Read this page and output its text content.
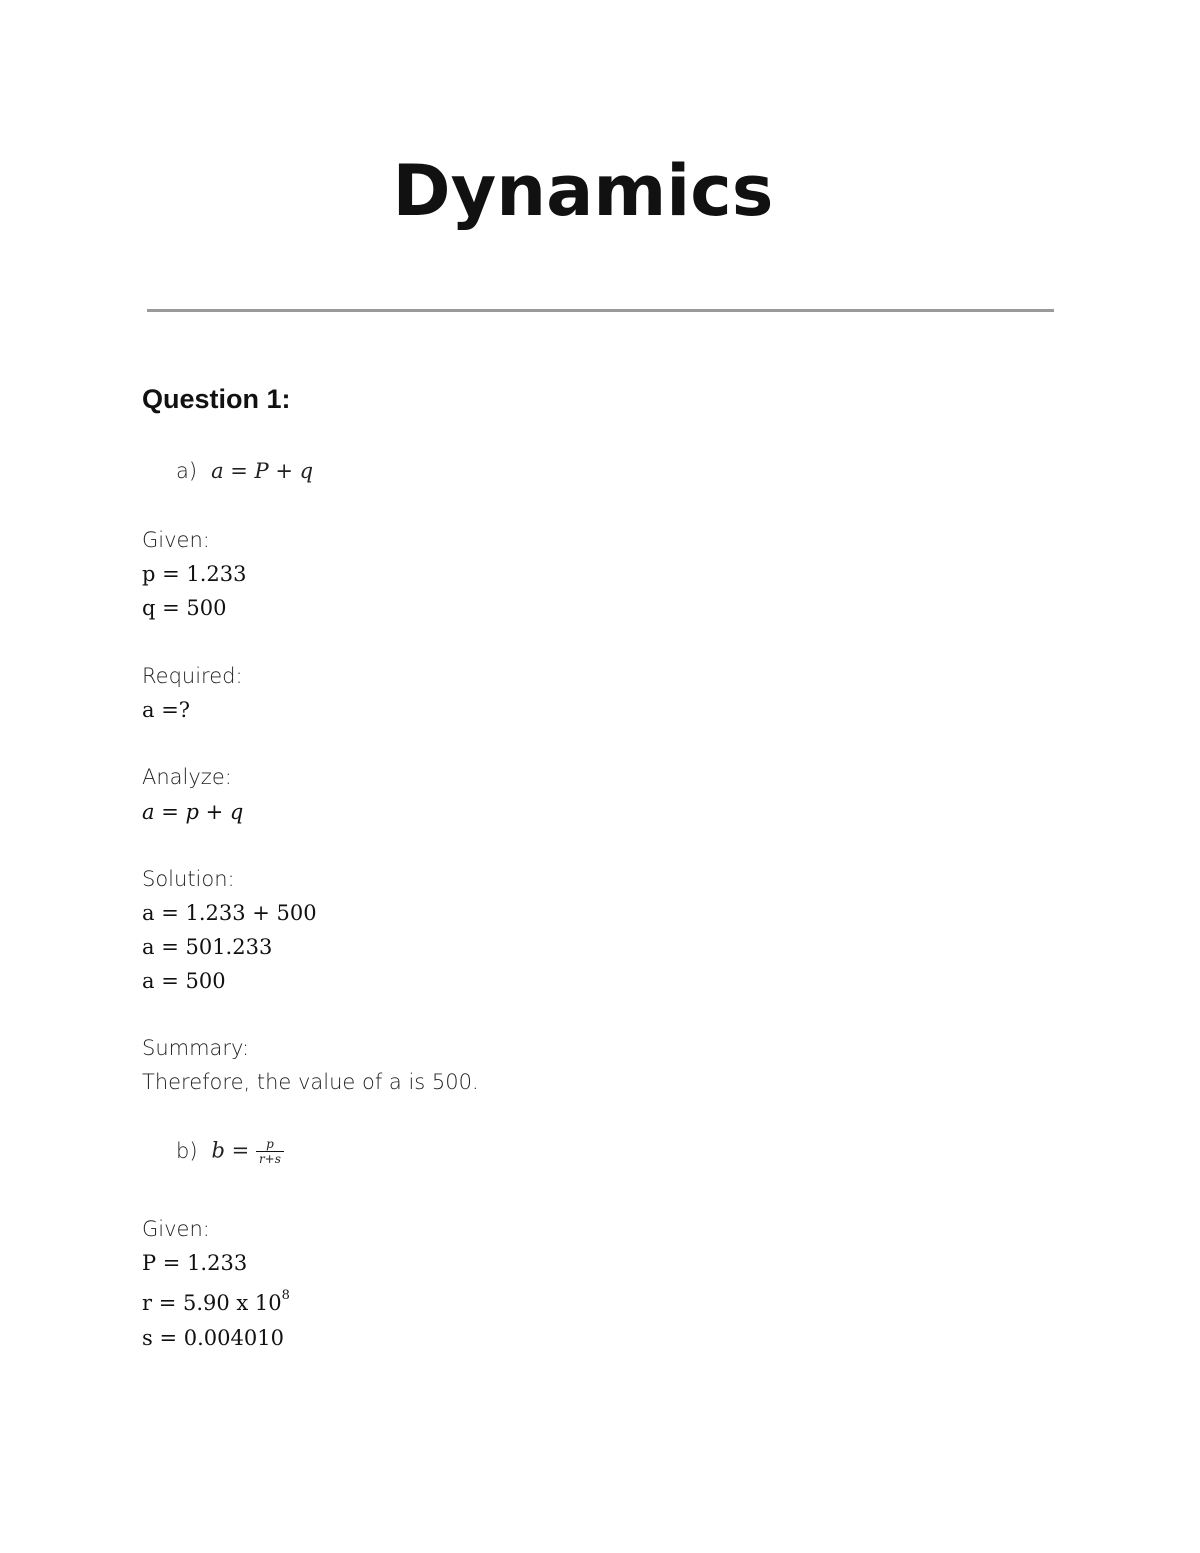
Dynamics
Question 1:
a) a = P + q
Given:
p = 1.233
q = 500
Required:
a =?
Analyze:
a = p + q
Solution:
a = 1.233 + 500
a = 501.233
a = 500
Summary:
Therefore, the value of a is 500.
b) $b = \frac{p}{r+s}$
Given:
P = 1.233
r = 5.90 x $10^8$
s = 0.004010
